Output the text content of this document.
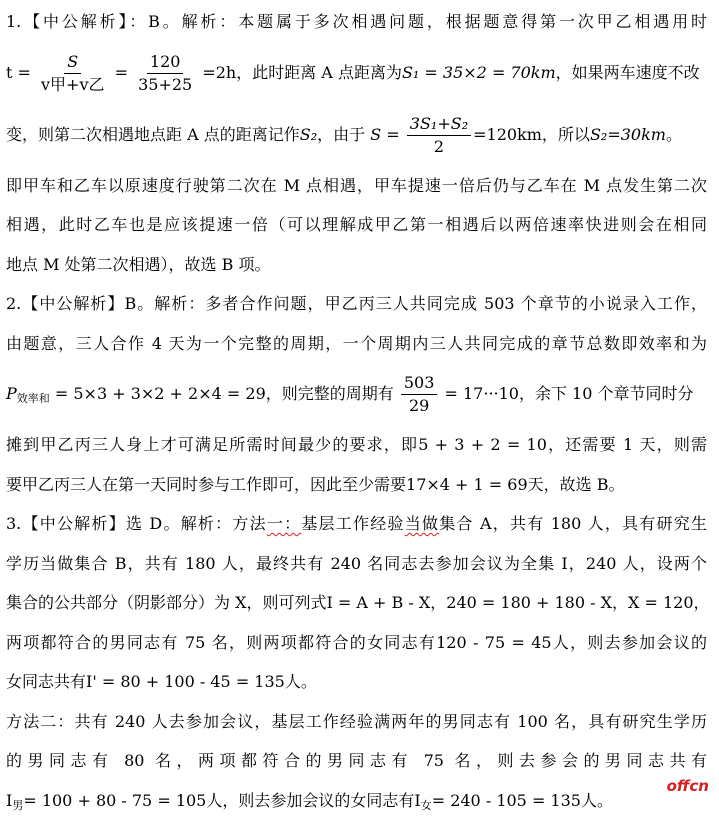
1.【中公解析】：B。解析：本题属于多次相遇问题，根据题意得第一次甲乙相遇用时
$t = \frac{S}{\text{v甲+v乙}} = \frac{120}{35+25} =2h$，此时距离 A 点距离为S₁ = 35×2 = 70km，如果两车速度不改
变，则第二次相遇地点距 A 点的距离记作S₂，由于 $S = \frac{\text{3S₁+S₂}}{2} =120km$，所以S₂=30km。
即甲车和乙车以原速度行驶第二次在 M 点相遇，甲车提速一倍后仍与乙车在 M 点发生第二次
相遇，此时乙车也是应该提速一倍（可以理解成甲乙第一相遇后以两倍速率快进则会在相同
地点 M 处第二次相遇），故选 B 项。
2.【中公解析】B。解析：多者合作问题，甲乙丙三人共同完成 503 个章节的小说录入工作，
由题意，三人合作 4 天为一个完整的周期，一个周期内三人共同完成的章节总数即效率和为
$P_{效率和} = 5\times 3 + 3\times 2 + 2\times 4 = 29$，则完整的周期有 $\frac{503}{29} = 17\cdot\cdot\cdot 10$，余下 10 个章节同时分
摊到甲乙丙三人身上才可满足所需时间最少的要求，即5 + 3 + 2 = 10，还需要 1 天，则需
要甲乙丙三人在第一天同时参与工作即可，因此至少需要17×4 + 1 = 69天，故选 B。
3.【中公解析】选 D。解析：方法一：基层工作经验当做集合 A，共有 180 人，具有研究生
学历当做集合 B，共有 180 人，最终共有 240 名同志去参加会议为全集 I，240 人，设两个
集合的公共部分（阴影部分）为 X，则可列式I = A + B - X，240 = 180 + 180 - X，X = 120，
两项都符合的男同志有 75 名，则两项都符合的女同志有120 - 75 = 45人，则去参加会议的
女同志共有I' = 80 + 100 - 45 = 135人。
方法二：共有 240 人去参加会议，基层工作经验满两年的男同志有 100 名，具有研究生学历
的男同志有 80 名，两项都符合的男同志有 75 名，则去参会的男同志共有
$I_男= 100 + 80 - 75 = 105$人，则去参加会议的女同志有$I_女= 240 - 105 = 135$人。
offcn
